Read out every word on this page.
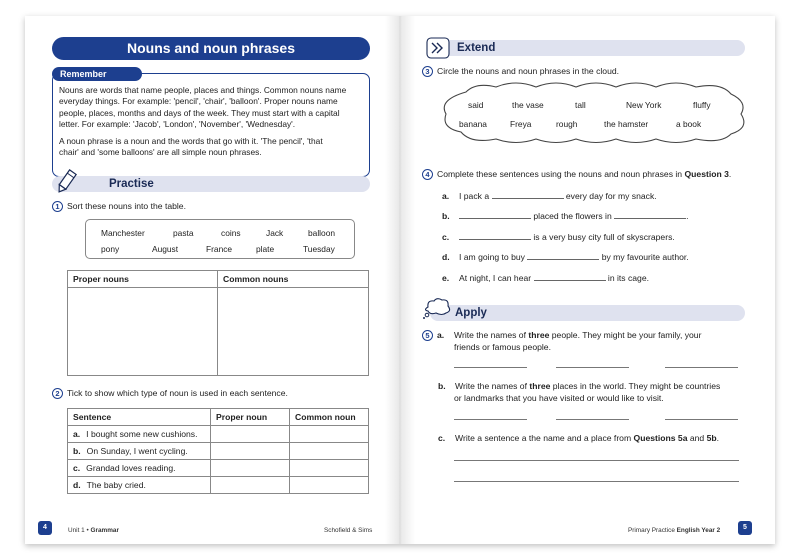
Nouns and noun phrases
Remember
Nouns are words that name people, places and things. Common nouns name
everyday things. For example: 'pencil', 'chair', 'balloon'. Proper nouns name
people, places, months and days of the week. They must start with a capital
letter. For example: 'Jacob', 'London', 'November', 'Wednesday'.
A noun phrase is a noun and the words that go with it. 'The pencil', 'that
chair' and 'some balloons' are all simple noun phrases.
Practise
1 Sort these nouns into the table.
Manchester	pasta	coins	Jack	balloon
pony	August	France	plate	Tuesday
Proper nouns	Common nouns

2 Tick to show which type of noun is used in each sentence.
Sentence	Proper noun	Common noun
a. I bought some new cushions.		
b. On Sunday, I went cycling.		
c. Grandad loves reading.		
d. The baby cried.		
4	Unit 1 • Grammar	Schofield & Sims
Extend
3 Circle the nouns and noun phrases in the cloud.
said	the vase	tall	New York	fluffy
banana	Freya	rough	the hamster	a book
4 Complete these sentences using the nouns and noun phrases in Question 3.
a. I pack a	every day for my snack.
b.	placed the flowers in	.
c.	is a very busy city full of skyscrapers.
d. I am going to buy	by my favourite author.
e. At night, I can hear	in its cage.
Apply
5 a. Write the names of three people. They might be your family, your
friends or famous people.
b. Write the names of three places in the world. They might be countries
or landmarks that you have visited or would like to visit.
c. Write a sentence a the name and a place from Questions 5a and 5b.
Primary Practice English Year 2	5
